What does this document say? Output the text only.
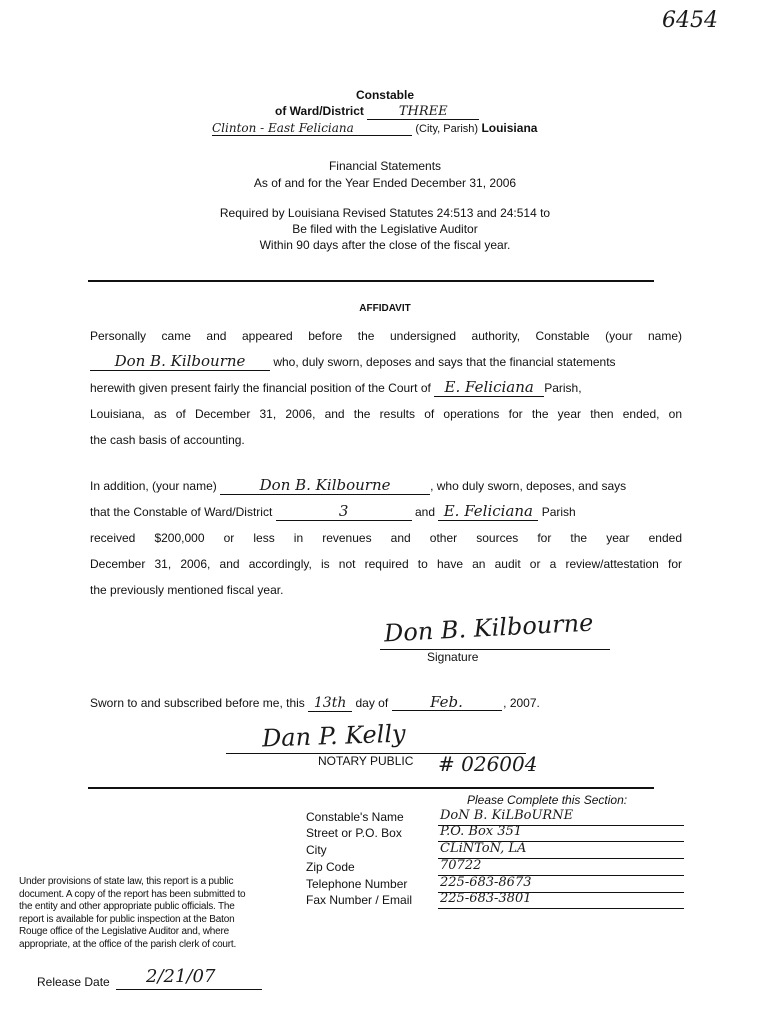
6454
Constable
of Ward/District	THREE
Clinton - East Feliciana	(City, Parish) Louisiana
Financial Statements
As of and for the Year Ended December 31, 2006
Required by Louisiana Revised Statutes 24:513 and 24:514 to
Be filed with the Legislative Auditor
Within 90 days after the close of the fiscal year.
AFFIDAVIT
Personally came and appeared before the undersigned authority, Constable (your name)
Don B. Kilbourne who, duly sworn, deposes and says that the financial statements
herewith given present fairly the financial position of the Court of E. Feliciana Parish,
Louisiana, as of December 31, 2006, and the results of operations for the year then ended, on
the cash basis of accounting.
In addition, (your name)	Don B. Kilbourne	, who duly sworn, deposes, and says
that the Constable of Ward/District	3	and E. Feliciana Parish
received $200,000 or less in revenues and other sources for the year ended
December 31, 2006, and accordingly, is not required to have an audit or a review/attestation for
the previously mentioned fiscal year.
Don B. Kilbourne
Signature
Sworn to and subscribed before me, this 13th day of	Feb.	, 2007.
Dan P. Kelly
NOTARY PUBLIC # 026004
Please Complete this Section:
Constable's Name	DoN B. KiLBoURNE
Street or P.O. Box	P.O. Box 351
City	CLiNToN, LA
Zip Code	70722
Telephone Number	225-683-8673
Fax Number / Email 225-683-3801
Under provisions of state law, this report is a public
document. A copy of the report has been submitted to
the entity and other appropriate public officials. The
report is available for public inspection at the Baton
Rouge office of the Legislative Auditor and, where
appropriate, at the office of the parish clerk of court.
Release Date 2/21/07
